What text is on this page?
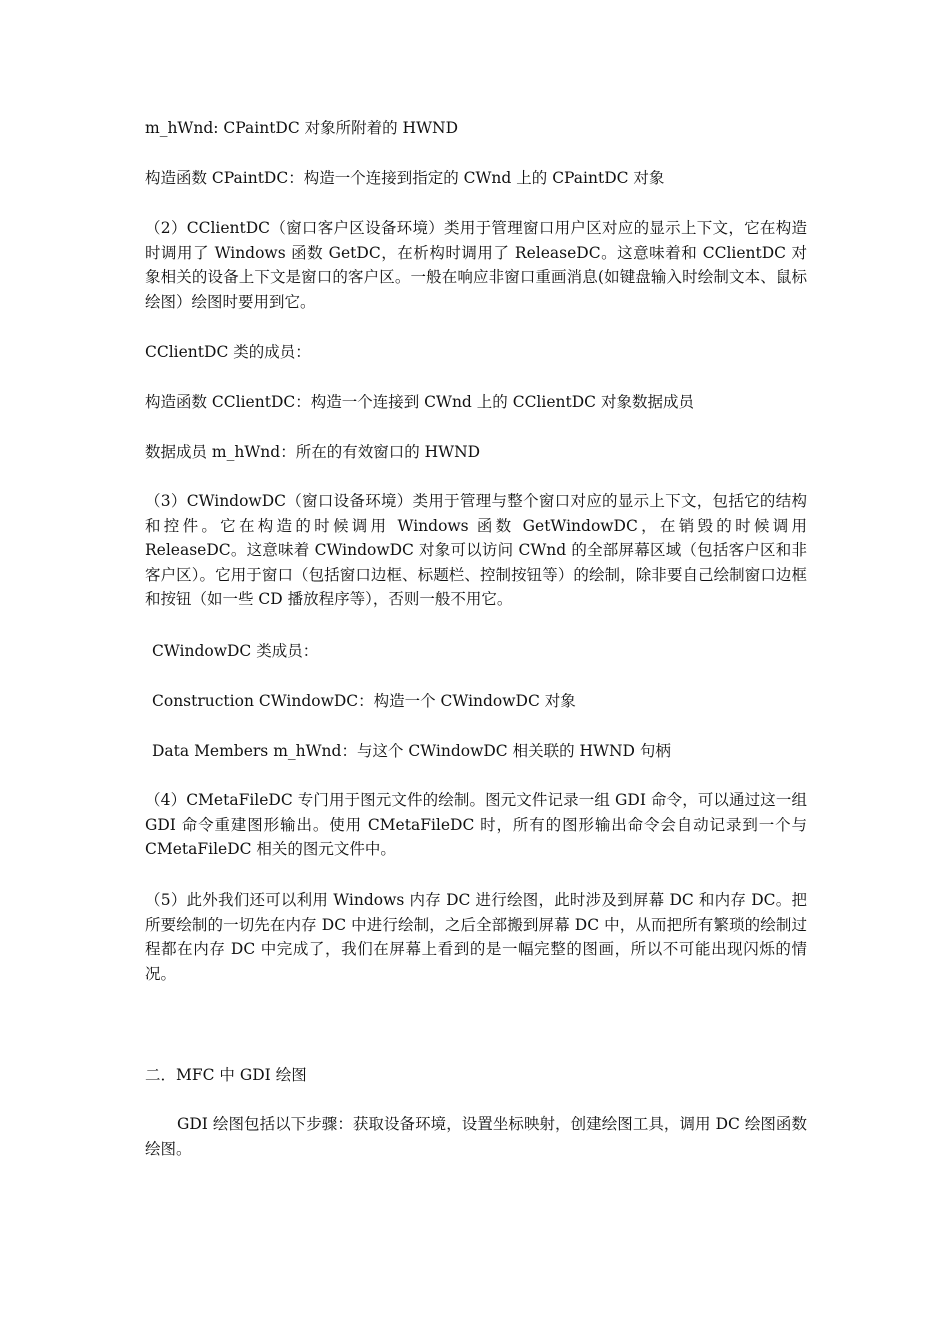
m_hWnd: CPaintDC 对象所附着的 HWND

构造函数 CPaintDC：构造一个连接到指定的 CWnd 上的 CPaintDC 对象

（2）CClientDC（窗口客户区设备环境）类用于管理窗口用户区对应的显示上下文，它在构造时调用了 Windows 函数 GetDC，在析构时调用了 ReleaseDC。这意味着和 CClientDC 对象相关的设备上下文是窗口的客户区。一般在响应非窗口重画消息(如键盘输入时绘制文本、鼠标绘图）绘图时要用到它。

CClientDC 类的成员：

构造函数 CClientDC：构造一个连接到 CWnd 上的 CClientDC 对象数据成员

数据成员 m_hWnd：所在的有效窗口的 HWND

（3）CWindowDC（窗口设备环境）类用于管理与整个窗口对应的显示上下文，包括它的结构和控件。它在构造的时候调用 Windows 函数 GetWindowDC，在销毁的时候调用 ReleaseDC。这意味着 CWindowDC 对象可以访问 CWnd 的全部屏幕区域（包括客户区和非客户区）。它用于窗口（包括窗口边框、标题栏、控制按钮等）的绘制，除非要自己绘制窗口边框和按钮（如一些 CD 播放程序等），否则一般不用它。

CWindowDC 类成员：

Construction CWindowDC：构造一个 CWindowDC 对象

Data Members m_hWnd：与这个 CWindowDC 相关联的 HWND 句柄

（4）CMetaFileDC 专门用于图元文件的绘制。图元文件记录一组 GDI 命令，可以通过这一组 GDI 命令重建图形输出。使用 CMetaFileDC 时，所有的图形输出命令会自动记录到一个与 CMetaFileDC 相关的图元文件中。

（5）此外我们还可以利用 Windows 内存 DC 进行绘图，此时涉及到屏幕 DC 和内存 DC。把所要绘制的一切先在内存 DC 中进行绘制，之后全部搬到屏幕 DC 中，从而把所有繁琐的绘制过程都在内存 DC 中完成了，我们在屏幕上看到的是一幅完整的图画，所以不可能出现闪烁的情况。

二．MFC 中 GDI 绘图

GDI 绘图包括以下步骤：获取设备环境，设置坐标映射，创建绘图工具，调用 DC 绘图函数绘图。
